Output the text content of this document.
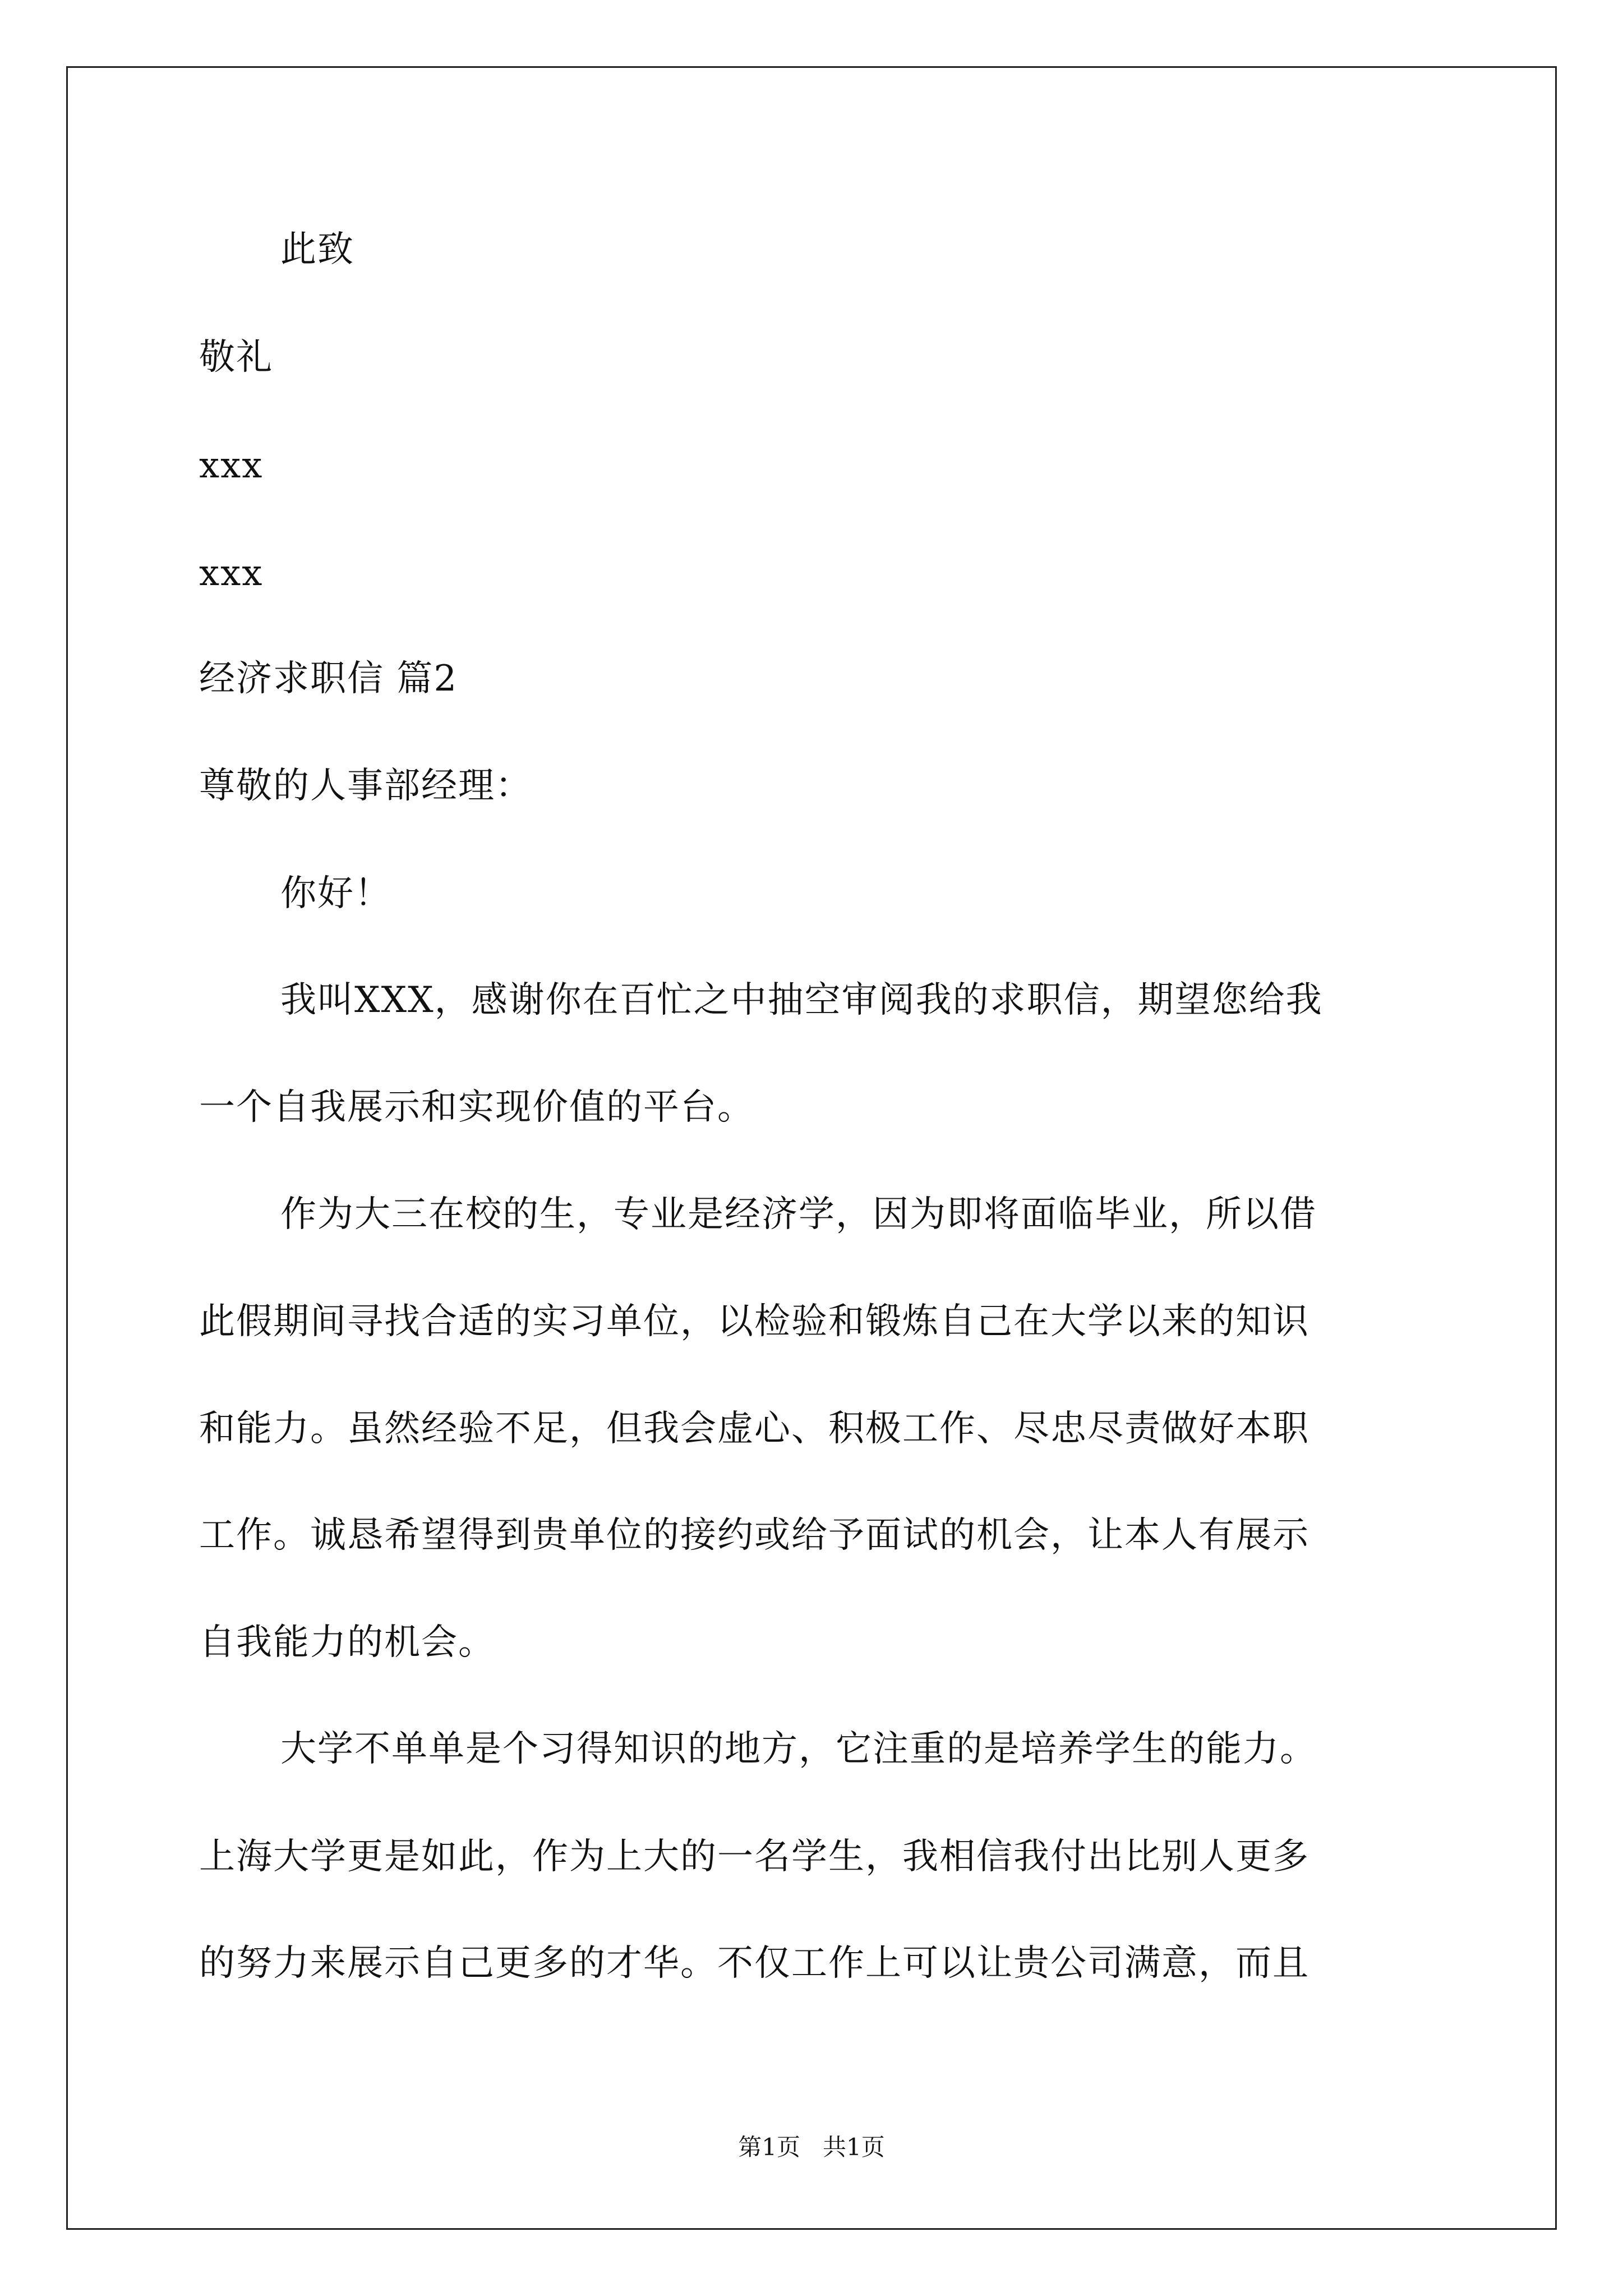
此致
敬礼
xxx
xxx
经济求职信 篇2
尊敬的人事部经理：
你好！
我叫XXX，感谢你在百忙之中抽空审阅我的求职信，期望您给我
一个自我展示和实现价值的平台。
作为大三在校的生，专业是经济学，因为即将面临毕业，所以借
此假期间寻找合适的实习单位，以检验和锻炼自己在大学以来的知识
和能力。虽然经验不足，但我会虚心、积极工作、尽忠尽责做好本职
工作。诚恳希望得到贵单位的接约或给予面试的机会，让本人有展示
自我能力的机会。
大学不单单是个习得知识的地方，它注重的是培养学生的能力。
上海大学更是如此，作为上大的一名学生，我相信我付出比别人更多
的努力来展示自己更多的才华。不仅工作上可以让贵公司满意，而且
第1页   共1页
